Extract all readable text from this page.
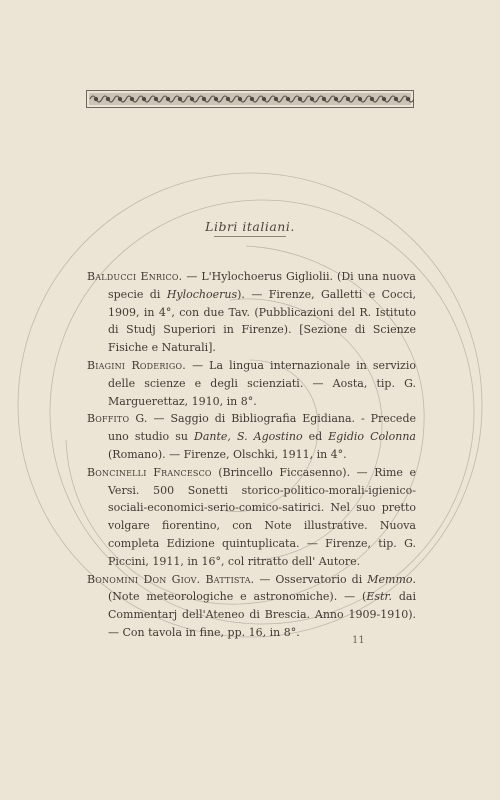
Libri italiani.

Balducci Enrico. — L'Hylochoerus Gigliolii. (Di una nuova specie di Hylochoerus). — Firenze, Galletti e Cocci, 1909, in 4°, con due Tav. (Pubblicazioni del R. Istituto di Studj Superiori in Firenze). [Sezione di Scienze Fisiche e Naturali].

Biagini Roderigo. — La lingua internazionale in servizio delle scienze e degli scienziati. — Aosta, tip. G. Marguerettaz, 1910, in 8°.

Boffito G. — Saggio di Bibliografia Egidiana. - Precede uno studio su Dante, S. Agostino ed Egidio Colonna (Romano). — Firenze, Olschki, 1911, in 4°.

Boncinelli Francesco (Brincello Ficcasenno). — Rime e Versi. 500 Sonetti storico-politico-morali-igienico-sociali-economici-serio-comico-satirici. Nel suo pretto volgare fiorentino, con Note illustrative. Nuova completa Edizione quintuplicata. — Firenze, tip. G. Piccini, 1911, in 16°, col ritratto dell' Autore.

Bonomini Don Giov. Battista. — Osservatorio di Memmo. (Note meteorologiche e astronomiche). — (Estr. dai Commentarj dell'Ateneo di Brescia. Anno 1909-1910). — Con tavola in fine, pp. 16, in 8°.

11
